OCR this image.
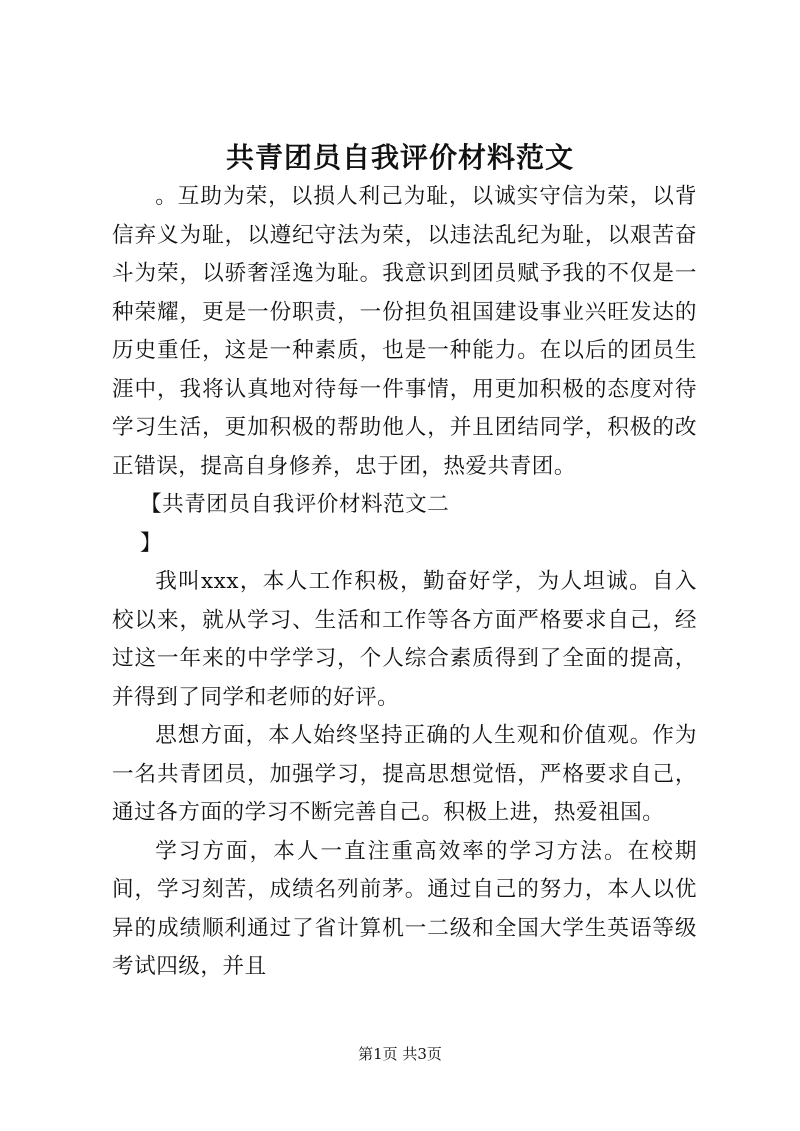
共青团员自我评价材料范文

。互助为荣，以损人利己为耻，以诚实守信为荣，以背信弃义为耻，以遵纪守法为荣，以违法乱纪为耻，以艰苦奋斗为荣，以骄奢淫逸为耻。我意识到团员赋予我的不仅是一种荣耀，更是一份职责，一份担负祖国建设事业兴旺发达的历史重任，这是一种素质，也是一种能力。在以后的团员生涯中，我将认真地对待每一件事情，用更加积极的态度对待学习生活，更加积极的帮助他人，并且团结同学，积极的改正错误，提高自身修养，忠于团，热爱共青团。

【共青团员自我评价材料范文二

】

我叫xxx，本人工作积极，勤奋好学，为人坦诚。自入校以来，就从学习、生活和工作等各方面严格要求自己，经过这一年来的中学学习，个人综合素质得到了全面的提高，并得到了同学和老师的好评。

思想方面，本人始终坚持正确的人生观和价值观。作为一名共青团员，加强学习，提高思想觉悟，严格要求自己，通过各方面的学习不断完善自己。积极上进，热爱祖国。

学习方面，本人一直注重高效率的学习方法。在校期间，学习刻苦，成绩名列前茅。通过自己的努力，本人以优异的成绩顺利通过了省计算机一二级和全国大学生英语等级考试四级，并且

第1页 共3页
